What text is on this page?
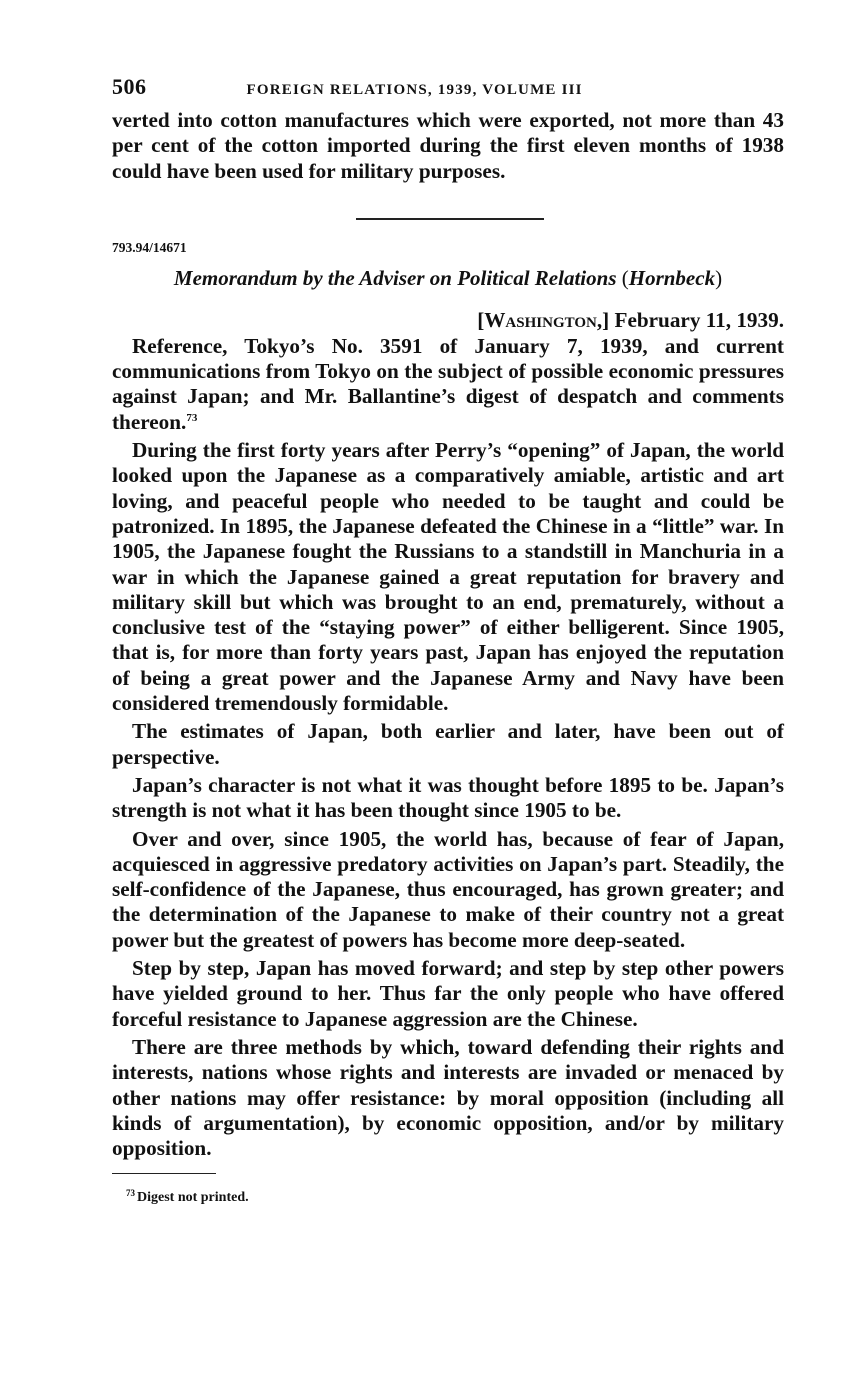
506	FOREIGN RELATIONS, 1939, VOLUME III

verted into cotton manufactures which were exported, not more than 43 per cent of the cotton imported during the first eleven months of 1938 could have been used for military purposes.

793.94/14671
Memorandum by the Adviser on Political Relations (Hornbeck)
[Washington,] February 11, 1939.

Reference, Tokyo’s No. 3591 of January 7, 1939, and current communications from Tokyo on the subject of possible economic pressures against Japan; and Mr. Ballantine’s digest of despatch and comments thereon.$^{73}$

During the first forty years after Perry’s “opening” of Japan, the world looked upon the Japanese as a comparatively amiable, artistic and art loving, and peaceful people who needed to be taught and could be patronized. In 1895, the Japanese defeated the Chinese in a “little” war. In 1905, the Japanese fought the Russians to a standstill in Manchuria in a war in which the Japanese gained a great reputation for bravery and military skill but which was brought to an end, prematurely, without a conclusive test of the “staying power” of either belligerent. Since 1905, that is, for more than forty years past, Japan has enjoyed the reputation of being a great power and the Japanese Army and Navy have been considered tremendously formidable.

The estimates of Japan, both earlier and later, have been out of perspective.

Japan’s character is not what it was thought before 1895 to be. Japan’s strength is not what it has been thought since 1905 to be.

Over and over, since 1905, the world has, because of fear of Japan, acquiesced in aggressive predatory activities on Japan’s part. Steadily, the self-confidence of the Japanese, thus encouraged, has grown greater; and the determination of the Japanese to make of their country not a great power but the greatest of powers has become more deep-seated.

Step by step, Japan has moved forward; and step by step other powers have yielded ground to her. Thus far the only people who have offered forceful resistance to Japanese aggression are the Chinese.

There are three methods by which, toward defending their rights and interests, nations whose rights and interests are invaded or menaced by other nations may offer resistance: by moral opposition (including all kinds of argumentation), by economic opposition, and/or by military opposition.

$^{73}$ Digest not printed.
